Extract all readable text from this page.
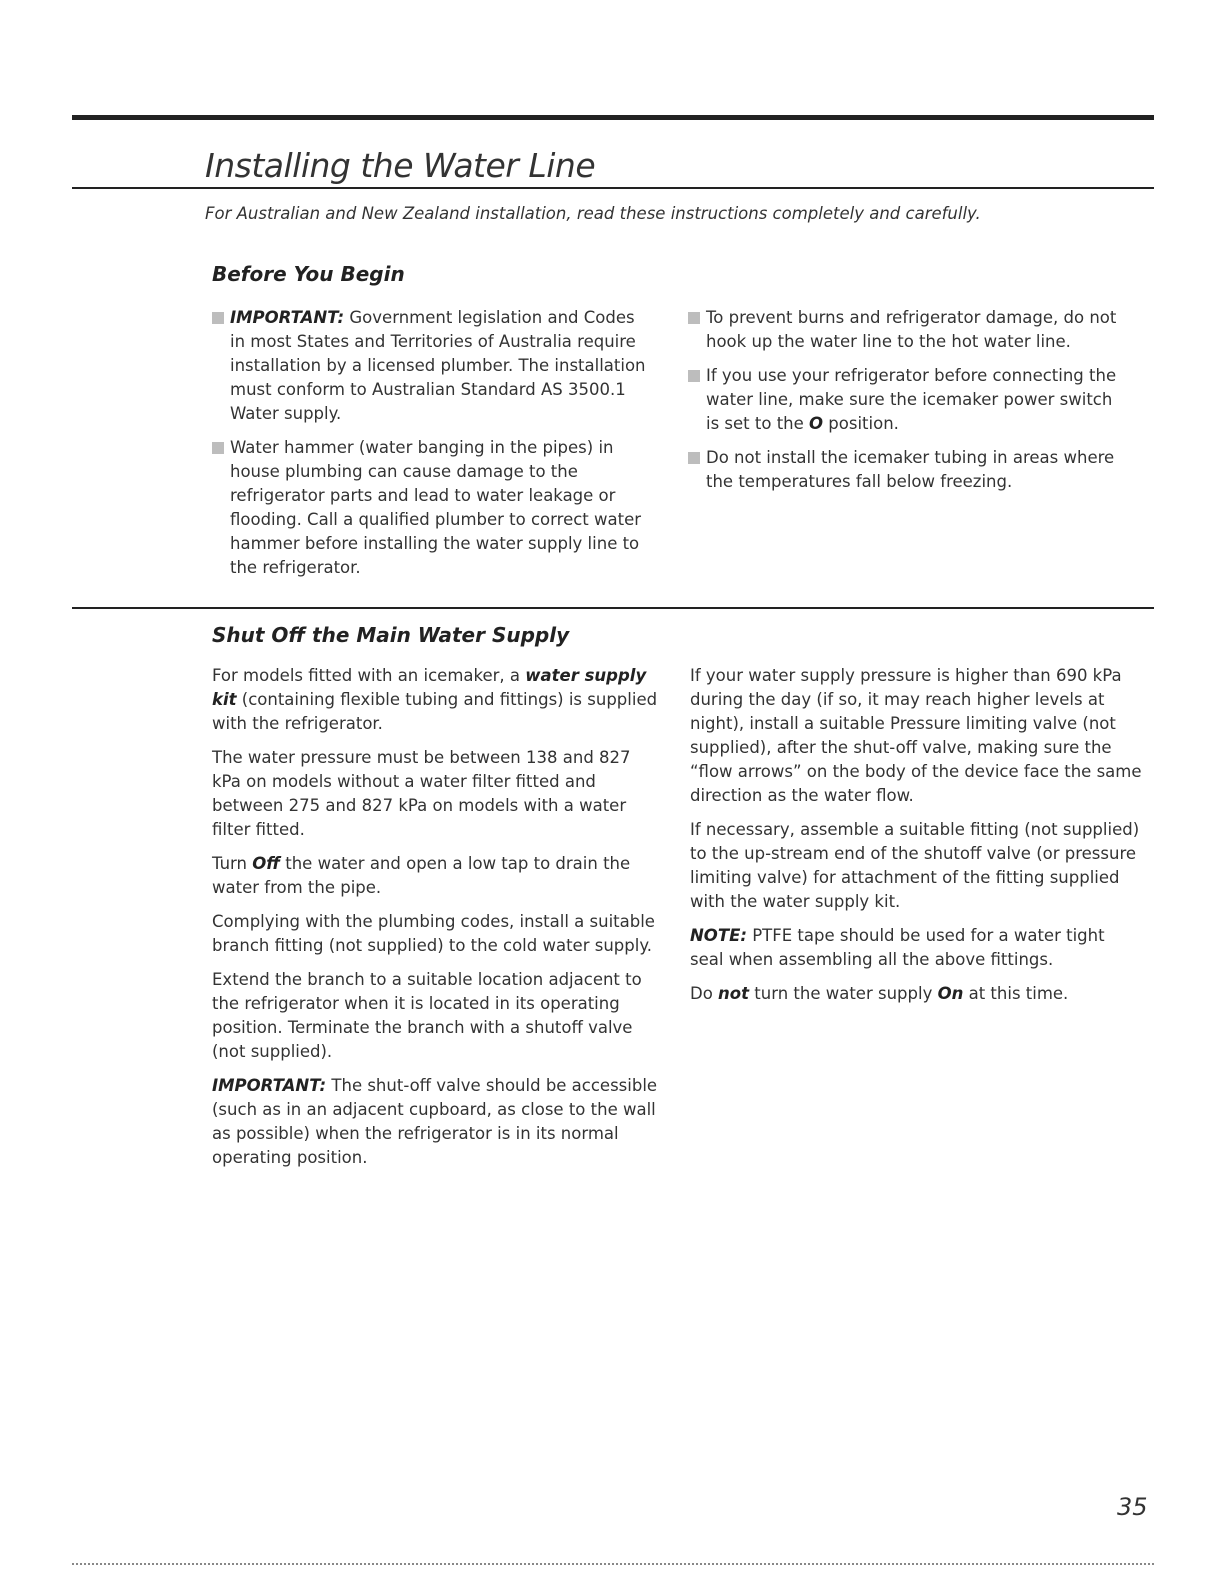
Installing the Water Line

For Australian and New Zealand installation, read these instructions completely and carefully.

Before You Begin
IMPORTANT: Government legislation and Codes in most States and Territories of Australia require installation by a licensed plumber. The installation must conform to Australian Standard AS 3500.1 Water supply.
Water hammer (water banging in the pipes) in house plumbing can cause damage to the refrigerator parts and lead to water leakage or flooding. Call a qualified plumber to correct water hammer before installing the water supply line to the refrigerator.
To prevent burns and refrigerator damage, do not hook up the water line to the hot water line.
If you use your refrigerator before connecting the water line, make sure the icemaker power switch is set to the O position.
Do not install the icemaker tubing in areas where the temperatures fall below freezing.
Shut Off the Main Water Supply

For models fitted with an icemaker, a water supply kit (containing flexible tubing and fittings) is supplied with the refrigerator.

The water pressure must be between 138 and 827 kPa on models without a water filter fitted and between 275 and 827 kPa on models with a water filter fitted.

Turn Off the water and open a low tap to drain the water from the pipe.

Complying with the plumbing codes, install a suitable branch fitting (not supplied) to the cold water supply.

Extend the branch to a suitable location adjacent to the refrigerator when it is located in its operating position. Terminate the branch with a shutoff valve (not supplied).

IMPORTANT: The shut-off valve should be accessible (such as in an adjacent cupboard, as close to the wall as possible) when the refrigerator is in its normal operating position.

If your water supply pressure is higher than 690 kPa during the day (if so, it may reach higher levels at night), install a suitable Pressure limiting valve (not supplied), after the shut-off valve, making sure the “flow arrows” on the body of the device face the same direction as the water flow.

If necessary, assemble a suitable fitting (not supplied) to the up-stream end of the shutoff valve (or pressure limiting valve) for attachment of the fitting supplied with the water supply kit.

NOTE: PTFE tape should be used for a water tight seal when assembling all the above fittings.

Do not turn the water supply On at this time.

35
